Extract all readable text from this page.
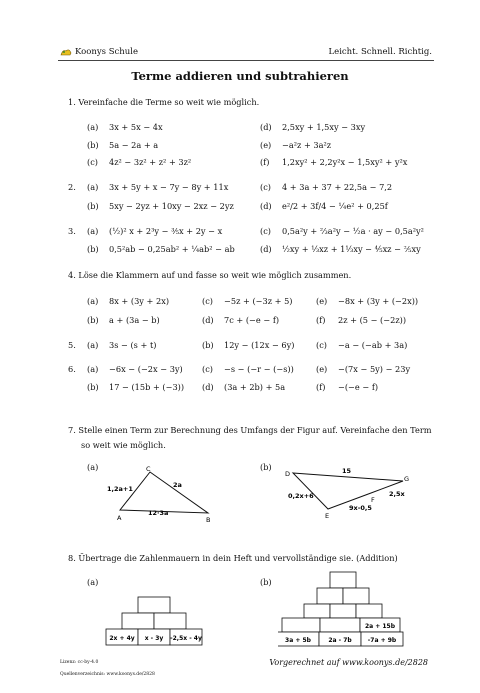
Koonys Schule	Leicht. Schnell. Richtig.
Terme addieren und subtrahieren
1. Vereinfache die Terme so weit wie möglich.
(a) 3x + 5x − 4x	(d) 2,5xy + 1,5xy − 3xy
(b) 5a − 2a + a	(e) −a²z + 3a²z
(c) 4z² − 3z² + z² + 3z²	(f) 1,2xy² + 2,2y²x − 1,5xy² + y²x
2. (a) 3x + 5y + x − 7y − 8y + 11x	(c) 4 + 3a + 37 + 22,5a − 7,2
(b) 5xy − 2yz + 10xy − 2xz − 2yz	(d) e²/2 + 3f/4 − ¼e² + 0,25f
3. (a) (½)² x + 2³y − ⅗x + 2y − x	(c) 0,5a²y + ⅔a²y − ½a · ay − 0,5a²y²
(b) 0,5²ab − 0,25ab² + ¼ab² − ab	(d) ½xy + ⅓xz + 1⅓xy − ⅘xz − ⅖xy
4. Löse die Klammern auf und fasse so weit wie möglich zusammen.
(a) 8x + (3y + 2x)	(c) −5z + (−3z + 5)	(e) −8x + (3y + (−2x))
(b) a + (3a − b)	(d) 7c + (−e − f)	(f) 2z + (5 − (−2z))
5. (a) 3s − (s + t)	(b) 12y − (12x − 6y)	(c) −a − (−ab + 3a)
6. (a) −6x − (−2x − 3y) (c) −s − (−r − (−s))	(e) −(7x − 5y) − 23y
(b) 17 − (15b + (−3)) (d) (3a + 2b) + 5a	(f) −(−e − f)
7. Stelle einen Term zur Berechnung des Umfangs der Figur auf. Vereinfache den Term
so weit wie möglich.
(a)	(b)
A
C
B
1,2a+1	2a
12·3a
D
G
F
E
15
0,2x+6
9x-0,5
2,5x
8. Übertrage die Zahlenmauern in dein Heft und vervollständige sie. (Addition)
(a)	(b)
2x + 4y x - 3y -2,5x - 4y
2a + 15b
3a + 5b	2a - 7b	-7a + 9b
Lizenz: cc-by-4.0
Quellenverzeichnis: www.koonys.de/2828
Vorgerechnet auf www.koonys.de/2828
